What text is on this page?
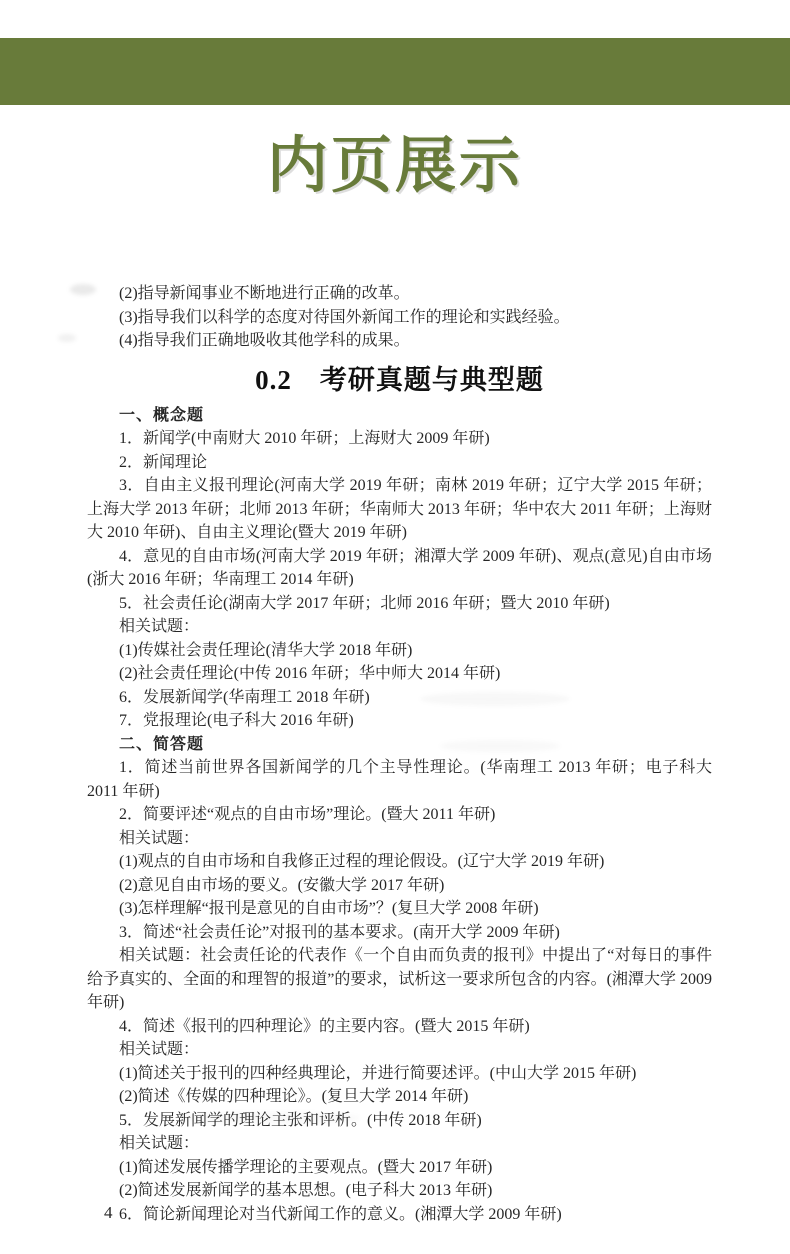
内页展示

(2)指导新闻事业不断地进行正确的改革。

(3)指导我们以科学的态度对待国外新闻工作的理论和实践经验。

(4)指导我们正确地吸收其他学科的成果。

0.2　考研真题与典型题

一、概念题

1．新闻学(中南财大 2010 年研；上海财大 2009 年研)

2．新闻理论

3．自由主义报刊理论(河南大学 2019 年研；南林 2019 年研；辽宁大学 2015 年研；上海大学 2013 年研；北师 2013 年研；华南师大 2013 年研；华中农大 2011 年研；上海财大 2010 年研)、自由主义理论(暨大 2019 年研)

4．意见的自由市场(河南大学 2019 年研；湘潭大学 2009 年研)、观点(意见)自由市场(浙大 2016 年研；华南理工 2014 年研)

5．社会责任论(湖南大学 2017 年研；北师 2016 年研；暨大 2010 年研)

相关试题：

(1)传媒社会责任理论(清华大学 2018 年研)

(2)社会责任理论(中传 2016 年研；华中师大 2014 年研)

6．发展新闻学(华南理工 2018 年研)

7．党报理论(电子科大 2016 年研)

二、简答题

1．简述当前世界各国新闻学的几个主导性理论。(华南理工 2013 年研；电子科大 2011 年研)

2．简要评述“观点的自由市场”理论。(暨大 2011 年研)

相关试题：

(1)观点的自由市场和自我修正过程的理论假设。(辽宁大学 2019 年研)

(2)意见自由市场的要义。(安徽大学 2017 年研)

(3)怎样理解“报刊是意见的自由市场”？(复旦大学 2008 年研)

3．简述“社会责任论”对报刊的基本要求。(南开大学 2009 年研)

相关试题：社会责任论的代表作《一个自由而负责的报刊》中提出了“对每日的事件给予真实的、全面的和理智的报道”的要求，试析这一要求所包含的内容。(湘潭大学 2009 年研)

4．简述《报刊的四种理论》的主要内容。(暨大 2015 年研)

相关试题：

(1)简述关于报刊的四种经典理论，并进行简要述评。(中山大学 2015 年研)

(2)简述《传媒的四种理论》。(复旦大学 2014 年研)

5．发展新闻学的理论主张和评析。(中传 2018 年研)

相关试题：

(1)简述发展传播学理论的主要观点。(暨大 2017 年研)

(2)简述发展新闻学的基本思想。(电子科大 2013 年研)

6．简论新闻理论对当代新闻工作的意义。(湘潭大学 2009 年研)

4
